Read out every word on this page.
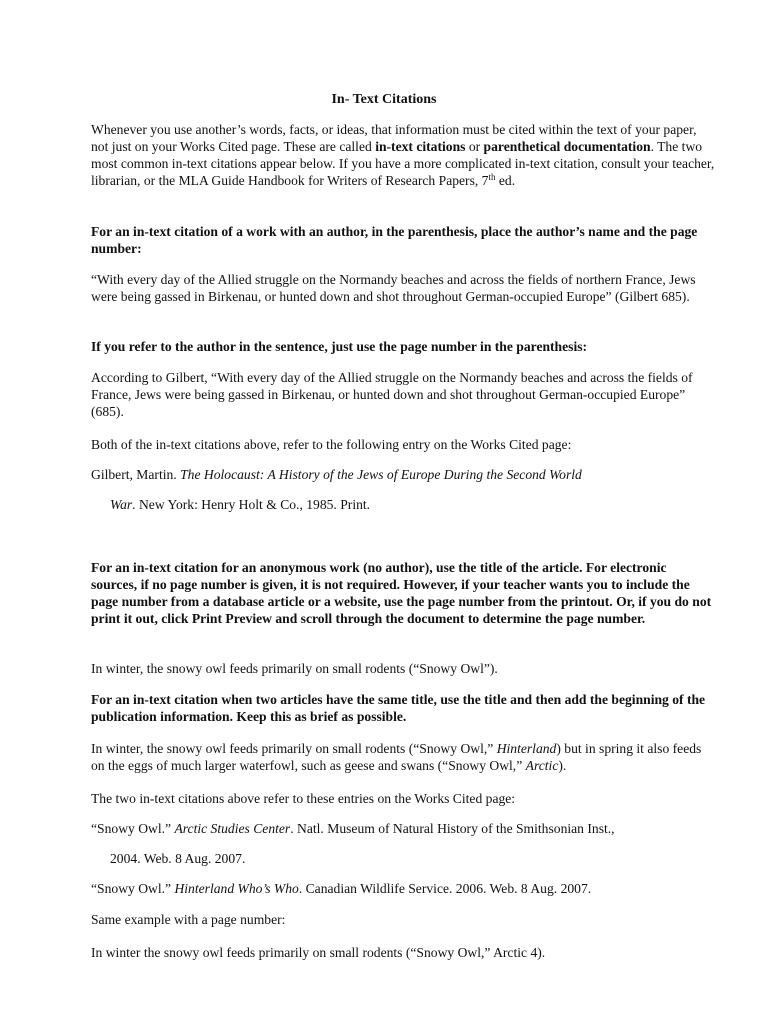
In- Text Citations

Whenever you use another’s words, facts, or ideas, that information must be cited within the text of your paper, not just on your Works Cited page. These are called in-text citations or parenthetical documentation. The two most common in-text citations appear below. If you have a more complicated in-text citation, consult your teacher, librarian, or the MLA Guide Handbook for Writers of Research Papers, 7th ed.

For an in-text citation of a work with an author, in the parenthesis, place the author’s name and the page number:

“With every day of the Allied struggle on the Normandy beaches and across the fields of northern France, Jews were being gassed in Birkenau, or hunted down and shot throughout German-occupied Europe” (Gilbert 685).

If you refer to the author in the sentence, just use the page number in the parenthesis:

According to Gilbert, “With every day of the Allied struggle on the Normandy beaches and across the fields of France, Jews were being gassed in Birkenau, or hunted down and shot throughout German-occupied Europe” (685).

Both of the in-text citations above, refer to the following entry on the Works Cited page:

Gilbert, Martin. The Holocaust: A History of the Jews of Europe During the Second World

War. New York: Henry Holt & Co., 1985. Print.

For an in-text citation for an anonymous work (no author), use the title of the article. For electronic sources, if no page number is given, it is not required. However, if your teacher wants you to include the page number from a database article or a website, use the page number from the printout. Or, if you do not print it out, click Print Preview and scroll through the document to determine the page number.

In winter, the snowy owl feeds primarily on small rodents (“Snowy Owl”).

For an in-text citation when two articles have the same title, use the title and then add the beginning of the publication information. Keep this as brief as possible.

In winter, the snowy owl feeds primarily on small rodents (“Snowy Owl,” Hinterland) but in spring it also feeds on the eggs of much larger waterfowl, such as geese and swans (“Snowy Owl,” Arctic).

The two in-text citations above refer to these entries on the Works Cited page:

“Snowy Owl.” Arctic Studies Center. Natl. Museum of Natural History of the Smithsonian Inst.,

2004. Web. 8 Aug. 2007.

“Snowy Owl.” Hinterland Who’s Who. Canadian Wildlife Service. 2006. Web. 8 Aug. 2007.

Same example with a page number:

In winter the snowy owl feeds primarily on small rodents (“Snowy Owl,” Arctic 4).
